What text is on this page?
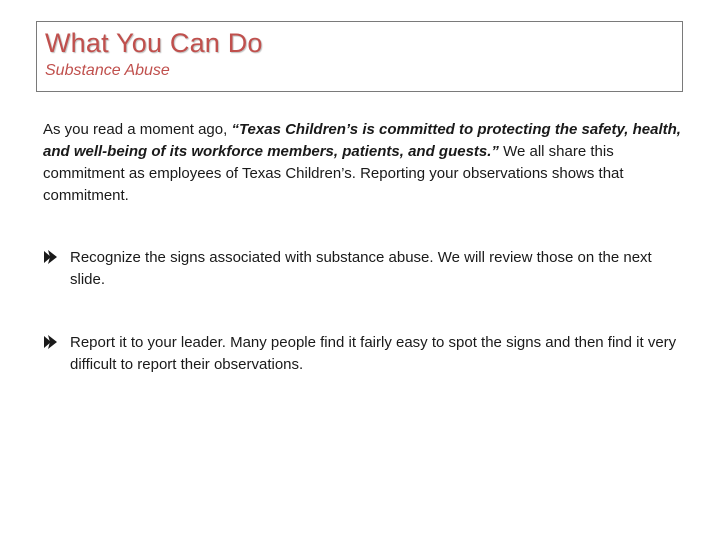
What You Can Do
Substance Abuse
As you read a moment ago, “Texas Children’s is committed to protecting the safety, health, and well-being of its workforce members, patients, and guests.” We all share this commitment as employees of Texas Children’s. Reporting your observations shows that commitment.
Recognize the signs associated with substance abuse. We will review those on the next slide.
Report it to your leader. Many people find it fairly easy to spot the signs and then find it very difficult to report their observations.
